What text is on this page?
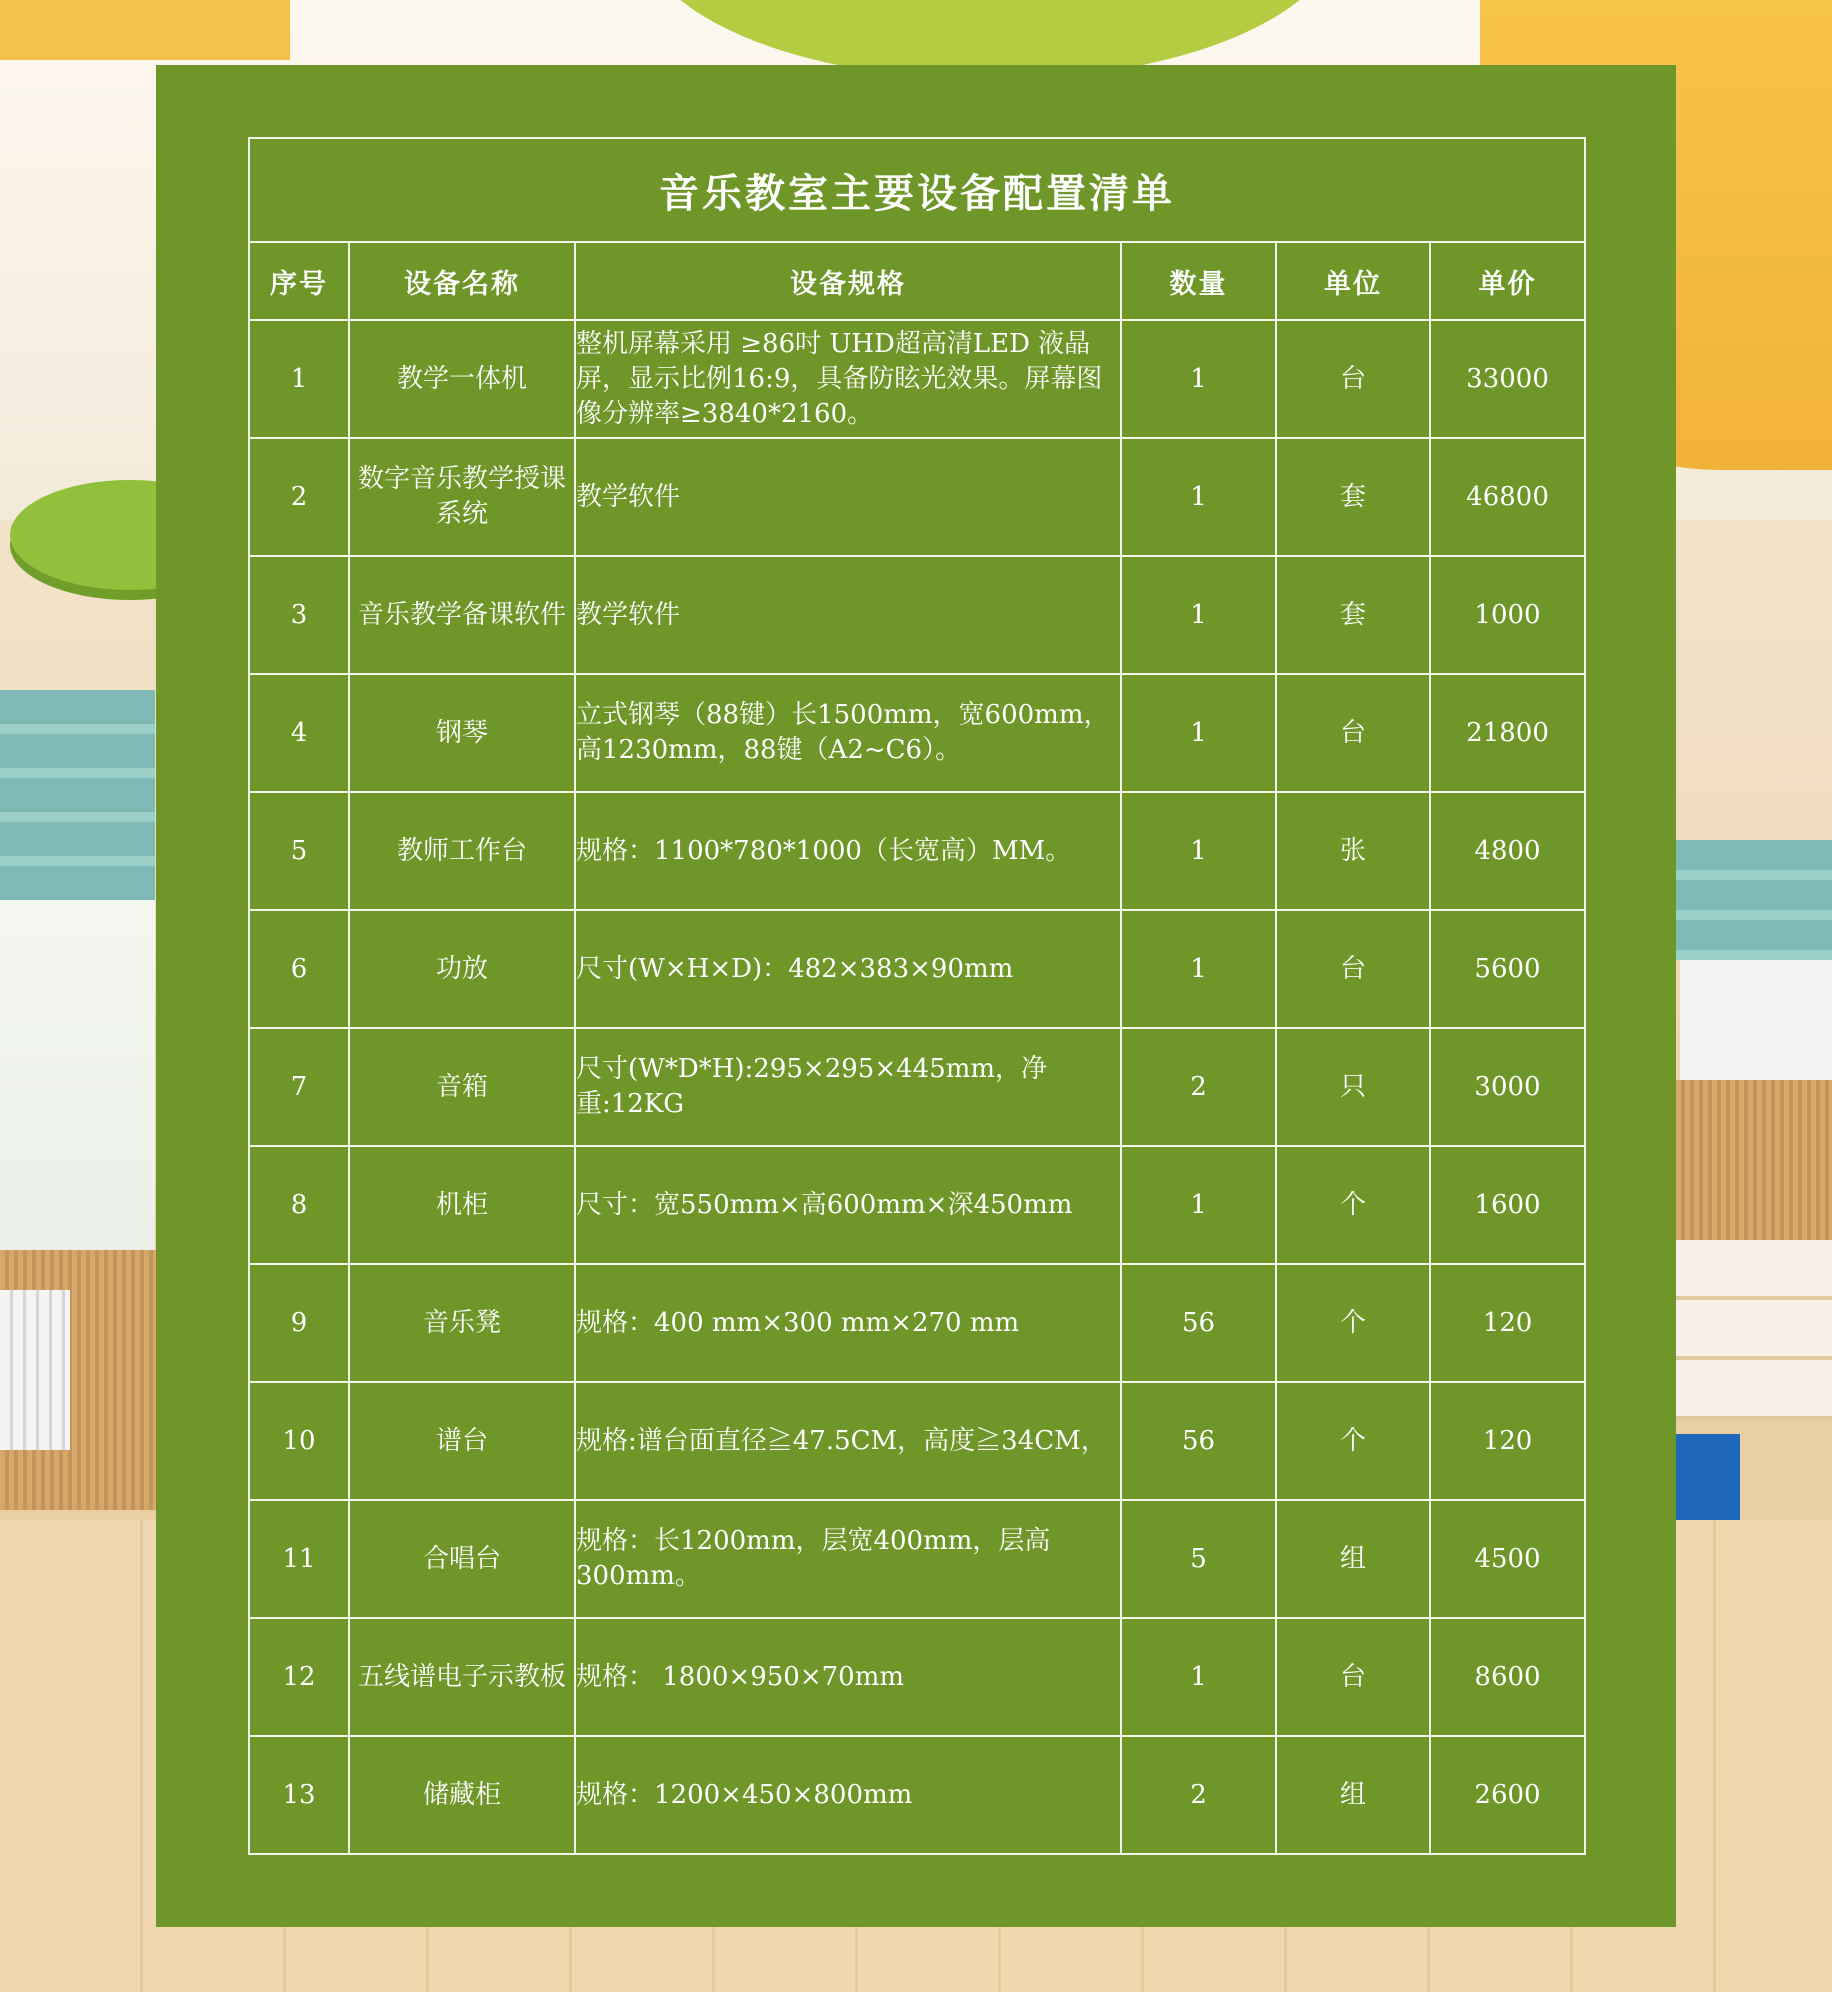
音乐教室主要设备配置清单					
序号	设备名称	设备规格	数量	单位	单价
1	教学一体机	整机屏幕采用 ≥86吋 UHD超高清LED 液晶屏，显示比例16:9，具备防眩光效果。屏幕图像分辨率≥3840*2160。	1	台	33000
2	数字音乐教学授课系统	教学软件	1	套	46800
3	音乐教学备课软件	教学软件	1	套	1000
4	钢琴	立式钢琴（88键）长1500mm，宽600mm，高1230mm，88键（A2~C6）。	1	台	21800
5	教师工作台	规格：1100*780*1000（长宽高）MM。	1	张	4800
6	功放	尺寸(W×H×D)：482×383×90mm	1	台	5600
7	音箱	尺寸(W*D*H):295×295×445mm，净重:12KG	2	只	3000
8	机柜	尺寸：宽550mm×高600mm×深450mm	1	个	1600
9	音乐凳	规格：400 mm×300 mm×270 mm	56	个	120
10	谱台	规格:谱台面直径≧47.5CM，高度≧34CM，	56	个	120
11	合唱台	规格：长1200mm，层宽400mm，层高300mm。	5	组	4500
12	五线谱电子示教板	规格： 1800×950×70mm	1	台	8600
13	储藏柜	规格：1200×450×800mm	2	组	2600
